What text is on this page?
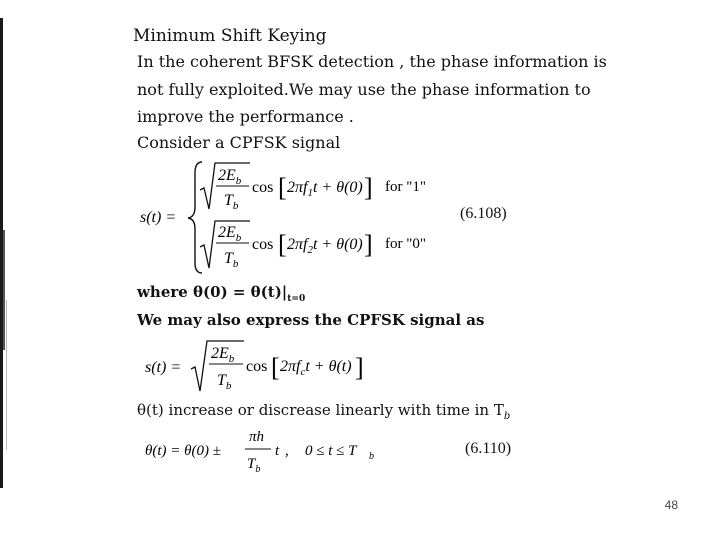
Minimum Shift Keying
In the coherent BFSK detection , the phase information is
not fully exploited.We may use the phase information to
improve the performance .
Consider a CPFSK signal
s(t) =
$2E_b$
$T_b$
cos [ $2\pi f_1t + \theta(0)$ ] for "1"
$2E_b$
$T_b$
cos [ $2\pi f_2t + \theta(0)$ ] for "0"
(6.108)
where $\theta(0) = \theta(t)|_{t=0}$
We may also express the CPFSK signal as
s(t) =
$2E_b$
$T_b$
cos [ $2\pi f_ct + \theta(t)$ ]
θ(t) increase or discrease linearly with time in $T_b$
θ(t) = θ(0) ±
πh
$T_b$
t , 0 ≤ t ≤ T b	(6.110)
48
